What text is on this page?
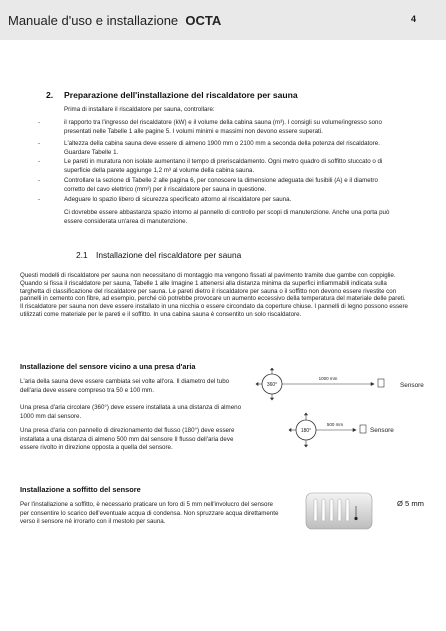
Manuale d'uso e installazione OCTA	4
2. Preparazione dell'installazione del riscaldatore per sauna
Prima di installare il riscaldatore per sauna, controllare:
-	il rapporto tra l'ingresso del riscaldatore (kW) e il volume della cabina sauna (m³). I consigli su volume/ingresso sono presentati nelle Tabelle 1 alle pagine 5. I volumi minimi e massimi non devono essere superati.
-	L'altezza della cabina sauna deve essere di almeno 1900 mm o 2100 mm a seconda della potenza del riscaldatore. Guardare Tabelle 1.
-	Le pareti in muratura non isolate aumentano il tempo di preriscaldamento. Ogni metro quadro di soffitto stuccato o di superficie della parete aggiunge 1,2 m³ al volume della cabina sauna.
-	Controllare la sezione di Tabelle 2 alle pagina 6, per conoscere la dimensione adeguata dei fusibili (A) e il diametro corretto del cavo elettrico (mm²) per il riscaldatore per sauna in questione.
-	Adeguare lo spazio libero di sicurezza specificato attorno al riscaldatore per sauna.
Ci dovrebbe essere abbastanza spazio intorno al pannello di controllo per scopi di manutenzione. Anche una porta può essere considerata un'area di manutenzione.
2.1 Installazione del riscaldatore per sauna
Questi modelli di riscaldatore per sauna non necessitano di montaggio ma vengono fissati al pavimento tramite due gambe con coppiglie. Quando si fissa il riscaldatore per sauna, Tabelle 1 alle Imagine 1 attenersi alla distanza minima da superfici infiammabili indicata sulla targhetta di classificazione del riscaldatore per sauna. Le pareti dietro il riscaldatore per sauna o il soffitto non devono essere rivestite con pannelli in cemento con fibre, ad esempio, perché ciò potrebbe provocare un aumento eccessivo della temperatura del materiale delle pareti. Il riscaldatore per sauna non deve essere installato in una nicchia o essere circondato da coperture chiuse. I pannelli di legno possono essere utilizzati come materiale per le pareti e il soffitto. In una cabina sauna è consentito un solo riscaldatore.
Installazione del sensore vicino a una presa d'aria
L'aria della sauna deve essere cambiata sei volte all'ora. Il diametro del tubo dell'aria deve essere compreso tra 50 e 100 mm.
Una presa d'aria circolare (360°) deve essere installata a una distanza di almeno 1000 mm dal sensore.
Una presa d'aria con pannello di direzionamento del flusso (180°) deve essere installata a una distanza di almeno 500 mm dal sensore Il flusso dell'aria deve essere rivolto in direzione opposta a quella del sensore.
360°
1000 mm
Sensore
180°
500 mm
Sensore
Installazione a soffitto del sensore
Per l'installazione a soffitto, è necessario praticare un foro di 5 mm nell'involucro del sensore per consentire lo scarico dell'eventuale acqua di condensa. Non spruzzare acqua direttamente verso il sensore né irrorarlo con il mestolo per sauna.
Ø 5 mm
